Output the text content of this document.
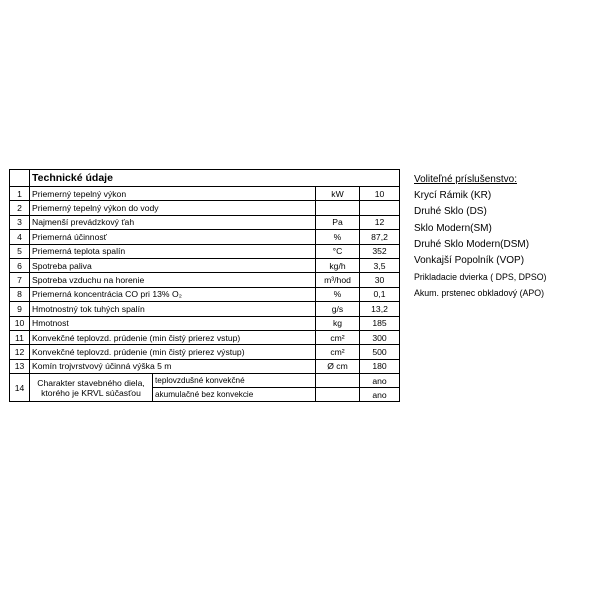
	Technické údaje			
1	Priemerný tepelný výkon		kW	10
2	Priemerný tepelný výkon do vody			
3	Najmenší prevádzkový ťah		Pa	12
4	Priemerná účinnosť		%	87,2
5	Priemerná teplota spalín		°C	352
6	Spotreba paliva		kg/h	3,5
7	Spotreba vzduchu na horenie		m³/hod	30
8	Priemerná koncentrácia CO pri 13% O₂		%	0,1
9	Hmotnostný tok tuhých spalín		g/s	13,2
10	Hmotnost		kg	185
11	Konvekčné teplovzd. prúdenie (min čistý prierez vstup)		cm²	300
12	Konvekčné teplovzd. prúdenie (min čistý prierez výstup)		cm²	500
13	Komín trojvrstvový účinná výška 5 m		Ø cm	180
14	Charakter stavebného diela, ktorého je KRVL súčasťou	teplovzdušné konvekčné		ano
		akumulačné bez konvekcie		ano
Voliteľné príslušenstvo:
Krycí Rámik (KR)
Druhé Sklo (DS)
Sklo Modern(SM)
Druhé Sklo Modern(DSM)
Vonkajší Popolník (VOP)
Prikladacie dvierka ( DPS, DPSO)
Akum. prstenec obkladový (APO)
